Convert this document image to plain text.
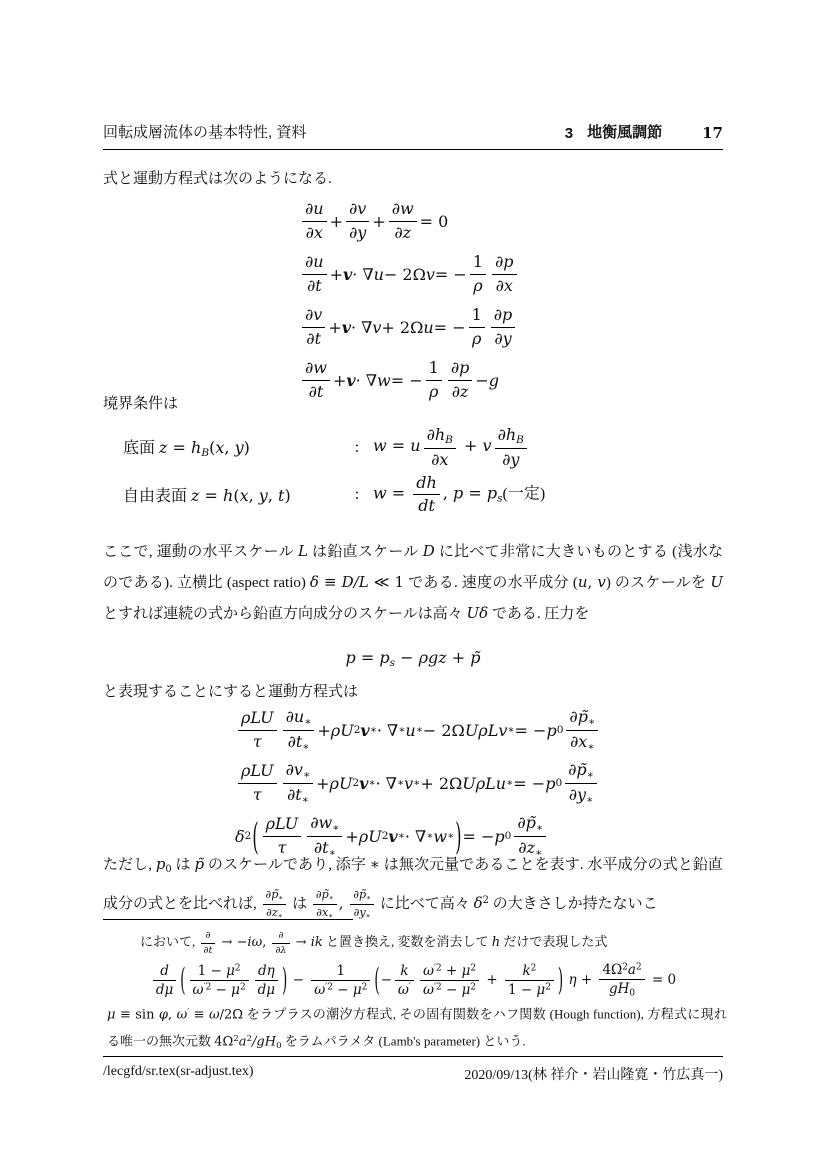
回転成層流体の基本特性, 資料	3 地衡風調節	17
式と運動方程式は次のようになる.
$\frac{\partial u}{\partial x} + \frac{\partial v}{\partial y} + \frac{\partial w}{\partial z} = 0$
$\frac{\partial u}{\partial t} + v$ · ∇ u − 2Ω v = − $\frac{1}{\rho} \frac{\partial p}{\partial x}$
$\frac{\partial v}{\partial t} + v$ · ∇ v + 2Ω u = − $\frac{1}{\rho} \frac{\partial p}{\partial y}$
$\frac{\partial w}{\partial t} + v$ · ∇ w = − $\frac{1}{\rho} \frac{\partial p}{\partial z} - g$
境界条件は
底面 z = hB(x, y)	: w = u $\frac{\partial hB}{\partial x} + v \frac{\partial hB}{\partial y}$
自由表面 z = h(x, y, t)	: $w = \frac{dh}{dt}$ , p = ps(一定)
ここで, 運動の水平スケール L は鉛直スケール D に比べて非常に大きいものとする (浅水なのである). 立横比 (aspect ratio) δ ≡ D/L ≪ 1 である. 速度の水平成分 (u, v) のスケールを U とすれば連続の式から鉛直方向成分のスケールは高々 Uδ である. 圧力を
p = ps − ρgz + p̃
と表現することにすると運動方程式は
$\frac{\text{ρLU}}{\tau} \frac{\partial u∗}{\partial t∗} + \rho U$ 2 v ∗ · ∇ ∗ u ∗ − 2Ω UρLv ∗ = − p $0 \frac{\partial p̃∗}{\partial x∗}$
$\frac{\text{ρLU}}{\tau} \frac{\partial v∗}{\partial t∗} + \rho U$ 2 v ∗ · ∇ ∗ v ∗ + 2Ω UρLu ∗ = − p $0 \frac{\partial p̃∗}{\partial y∗}$
δ 2 ( $\frac{\text{ρLU}}{\tau} \frac{\partial w∗}{\partial t∗} + \rho U$ 2 v ∗ · ∇ ∗ w ∗ ) = − p $0 \frac{\partial p̃∗}{\partial z∗}$
ただし, p0 は p̃ のスケールであり, 添字 ∗ は無次元量であることを表す. 水平成分の式と鉛直成分の式とを比べれば, $\frac{\partial p̃∗}{\partial z∗}$ は $\frac{\partial p̃∗}{\partial x∗}$ , $\frac{\partial p̃∗}{\partial y∗}$ に比べて高々 $\delta^2$ の大きさしか持たないこ
において, $\frac{\partial}{\partial t} \to -i\omega$, $\frac{\partial}{\partial\lambda}$ → ik と置き換え, 変数を消去して h だけで表現した式
$\frac{d}{d\mu}$ ( $\frac{1 - \mu^2}{\omega^{'2} - \mu^2} \frac{d\eta}{d\mu}$ ) − $\frac{1}{\omega^{'2} - \mu^2}$ (− $\frac{k}{\omega'} \frac{\omega^{'2} + \mu^2}{\omega^{'2} - \mu^2} + \frac{k^2}{1 - \mu^2}$ ) $\eta + \frac{4\Omega^2a^2}{gH0} = 0$
μ ≡ sin φ, ω′ ≡ ω/2Ω をラプラスの潮汐方程式, その固有関数をハフ関数 (Hough function), 方程式に現れる唯一の無次元数 $4\Omega^2a^2/gH0$ をラムパラメタ (Lamb's parameter) という.
/lecgfd/sr.tex(sr-adjust.tex)	2020/09/13(林 祥介・岩山隆寛・竹広真一)
